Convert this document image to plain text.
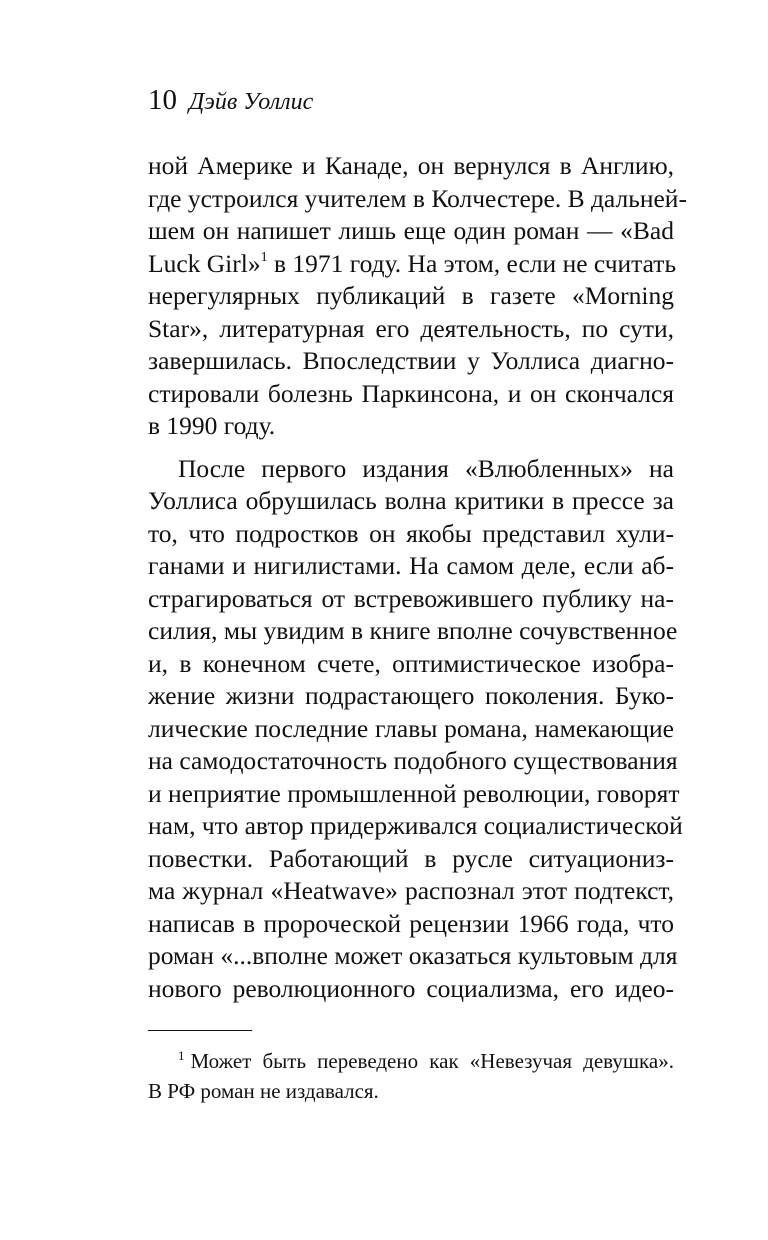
10 Дэйв Уоллис
ной Америке и Канаде, он вернулся в Англию,
где устроился учителем в Колчестере. В дальней-
шем он напишет лишь еще один роман — «Bad
Luck Girl»$^1$ в 1971 году. На этом, если не считать
нерегулярных публикаций в газете «Morning
Star», литературная его деятельность, по сути,
завершилась. Впоследствии у Уоллиса диагно-
стировали болезнь Паркинсона, и он скончался
в 1990 году.
После первого издания «Влюбленных» на
Уоллиса обрушилась волна критики в прессе за
то, что подростков он якобы представил хули-
ганами и нигилистами. На самом деле, если аб-
страгироваться от встревожившего публику на-
силия, мы увидим в книге вполне сочувственное
и, в конечном счете, оптимистическое изобра-
жение жизни подрастающего поколения. Буко-
лические последние главы романа, намекающие
на самодостаточность подобного существования
и неприятие промышленной революции, говорят
нам, что автор придерживался социалистической
повестки. Работающий в русле ситуациониз-
ма журнал «Heatwave» распознал этот подтекст,
написав в пророческой рецензии 1966 года, что
роман «...вполне может оказаться культовым для
нового революционного социализма, его идео-
$^1$ Может быть переведено как «Невезучая девушка».
В РФ роман не издавался.
